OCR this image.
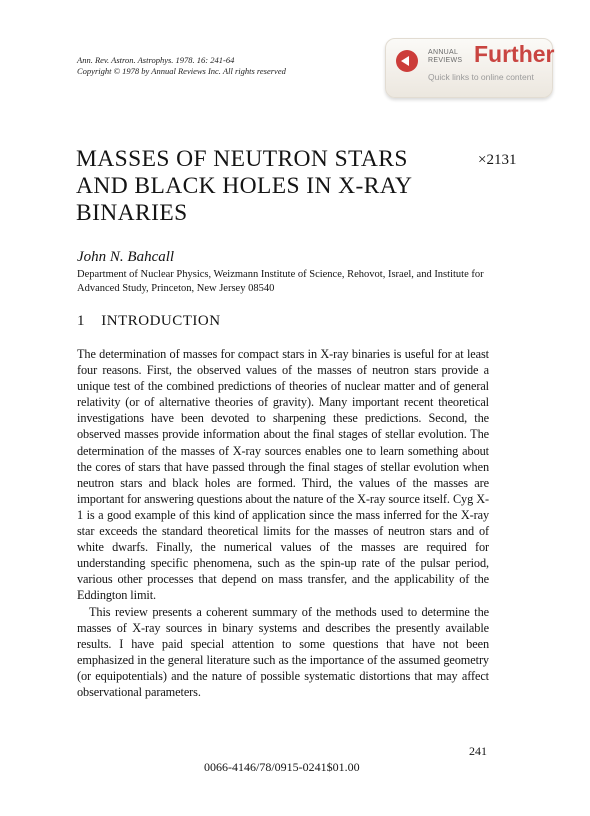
Ann. Rev. Astron. Astrophys. 1978. 16: 241-64
Copyright © 1978 by Annual Reviews Inc. All rights reserved
ANNUAL
REVIEWS Further
Quick links to online content
MASSES OF NEUTRON STARS AND BLACK HOLES IN X-RAY BINARIES
×2131
John N. Bahcall
Department of Nuclear Physics, Weizmann Institute of Science, Rehovot, Israel, and Institute for Advanced Study, Princeton, New Jersey 08540
1 INTRODUCTION

The determination of masses for compact stars in X-ray binaries is useful for at least four reasons. First, the observed values of the masses of neutron stars provide a unique test of the combined predictions of theories of nuclear matter and of general relativity (or of alternative theories of gravity). Many important recent theoretical investigations have been devoted to sharpening these predictions. Second, the observed masses provide information about the final stages of stellar evolution. The determination of the masses of X-ray sources enables one to learn something about the cores of stars that have passed through the final stages of stellar evolution when neutron stars and black holes are formed. Third, the values of the masses are important for answering questions about the nature of the X-ray source itself. Cyg X-1 is a good example of this kind of application since the mass inferred for the X-ray star exceeds the standard theoretical limits for the masses of neutron stars and of white dwarfs. Finally, the numerical values of the masses are required for understanding specific phenomena, such as the spin-up rate of the pulsar period, various other processes that depend on mass transfer, and the applicability of the Eddington limit.

This review presents a coherent summary of the methods used to determine the masses of X-ray sources in binary systems and describes the presently available results. I have paid special attention to some questions that have not been emphasized in the general literature such as the importance of the assumed geometry (or equipotentials) and the nature of possible systematic distortions that may affect observational parameters.

241
0066-4146/78/0915-0241$01.00
